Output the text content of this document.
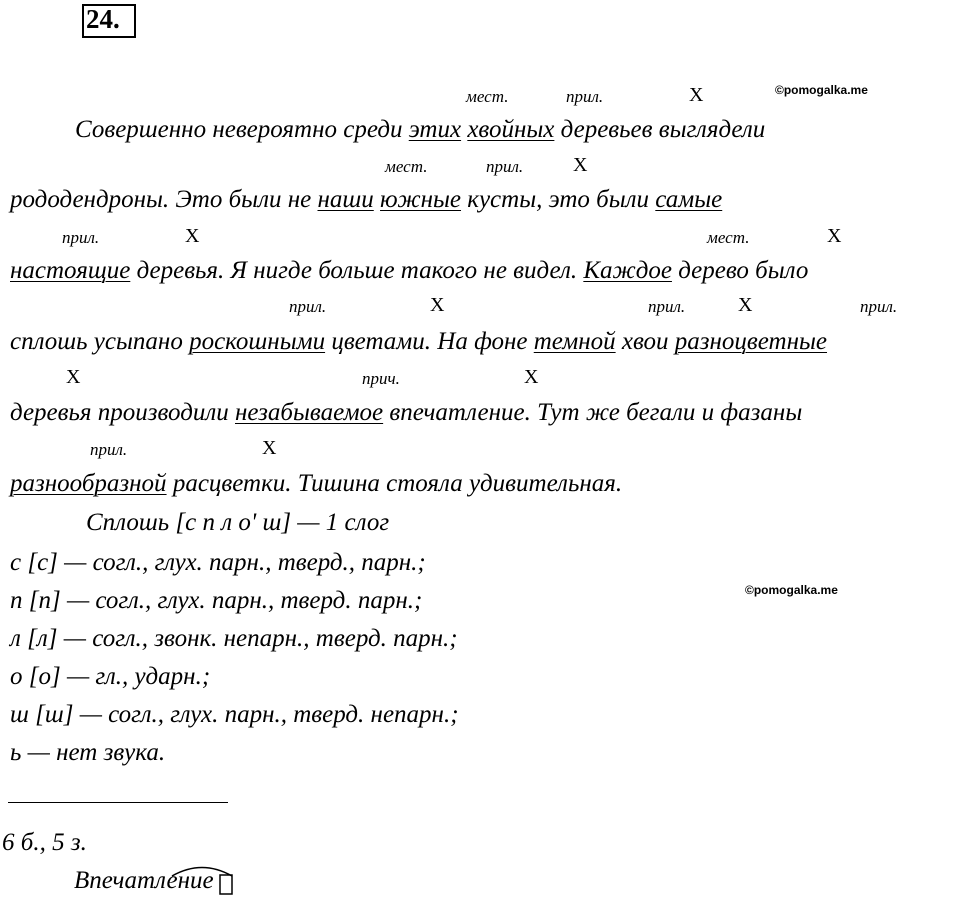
24.
©pomogalka.me
©pomogalka.me
мест.	прил.	X
Совершенно невероятно среди этих хвойных деревьев выглядели
мест.	прил. X
рододендроны. Это были не наши южные кусты, это были самые
прил.	X	мест.	X
настоящие деревья. Я нигде больше такого не видел. Каждое дерево было
прил.	X	прил.	X	прил.
сплошь усыпано роскошными цветами. На фоне темной хвои разноцветные
X	прич.	X
деревья производили незабываемое впечатление. Тут же бегали и фазаны
прил.	X
разнообразной расцветки. Тишина стояла удивительная.
Сплошь [с п л о' ш] — 1 слог
с [с] — согл., глух. парн., тверд., парн.;
п [п] — согл., глух. парн., тверд. парн.;
л [л] — согл., звонк. непарн., тверд. парн.;
о [о] — гл., ударн.;
ш [ш] — согл., глух. парн., тверд. непарн.;
ь — нет звука.
6 б., 5 з.
Впечатление
